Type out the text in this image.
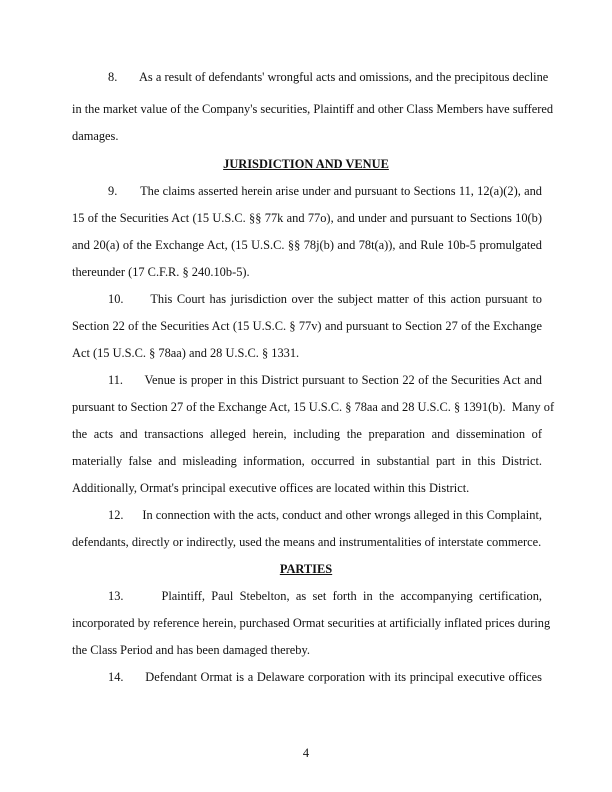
8.       As a result of defendants' wrongful acts and omissions, and the precipitous decline
in the market value of the Company's securities, Plaintiff and other Class Members have suffered
damages.
JURISDICTION AND VENUE
9.       The claims asserted herein arise under and pursuant to Sections 11, 12(a)(2), and
15 of the Securities Act (15 U.S.C. §§ 77k and 77o), and under and pursuant to Sections 10(b)
and 20(a) of the Exchange Act, (15 U.S.C. §§ 78j(b) and 78t(a)), and Rule 10b-5 promulgated
thereunder (17 C.F.R. § 240.10b-5).
10.      This Court has jurisdiction over the subject matter of this action pursuant to
Section 22 of the Securities Act (15 U.S.C. § 77v) and pursuant to Section 27 of the Exchange
Act (15 U.S.C. § 78aa) and 28 U.S.C. § 1331.
11.      Venue is proper in this District pursuant to Section 22 of the Securities Act and
pursuant to Section 27 of the Exchange Act, 15 U.S.C. § 78aa and 28 U.S.C. § 1391(b).  Many of
the acts and transactions alleged herein, including the preparation and dissemination of
materially false and misleading information, occurred in substantial part in this District.
Additionally, Ormat's principal executive offices are located within this District.
12.      In connection with the acts, conduct and other wrongs alleged in this Complaint,
defendants, directly or indirectly, used the means and instrumentalities of interstate commerce.
PARTIES
13.      Plaintiff, Paul Stebelton, as set forth in the accompanying certification,
incorporated by reference herein, purchased Ormat securities at artificially inflated prices during
the Class Period and has been damaged thereby.
14.      Defendant Ormat is a Delaware corporation with its principal executive offices
4
